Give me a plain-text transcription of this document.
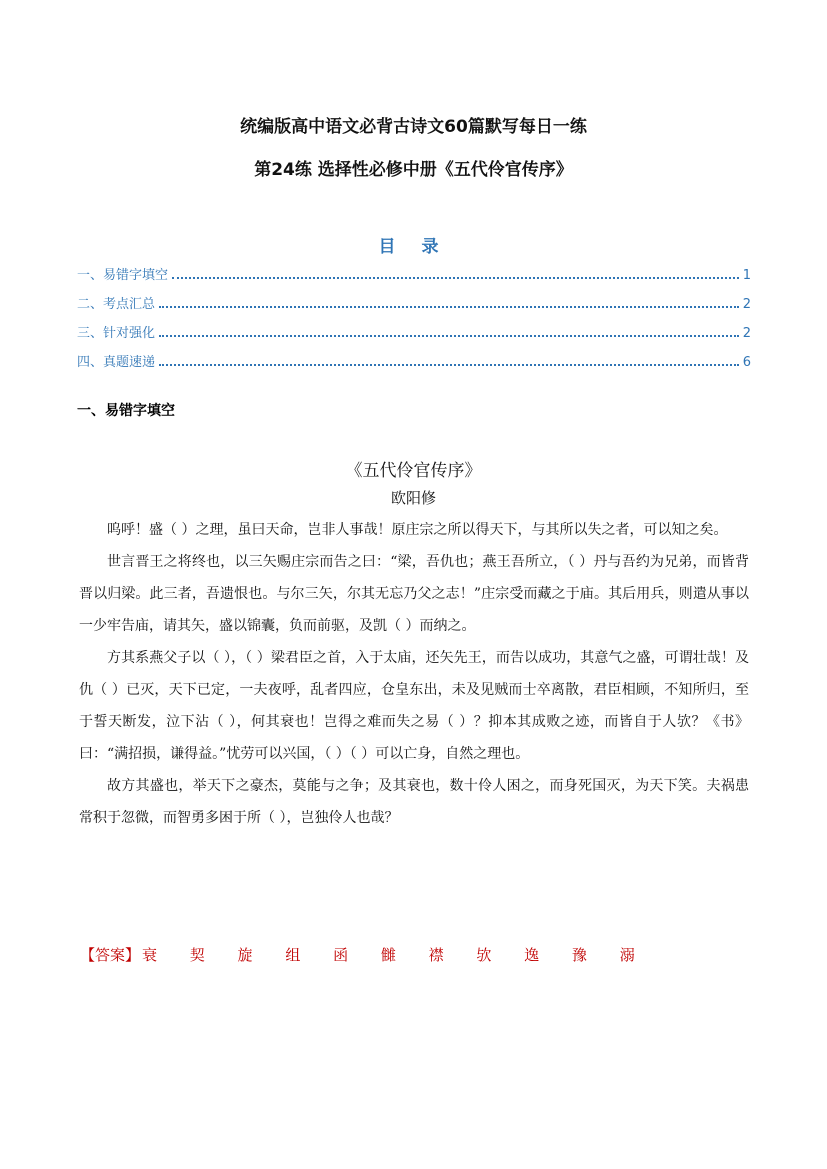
统编版高中语文必背古诗文60篇默写每日一练
第24练 选择性必修中册《五代伶官传序》
目 录
一、易错字填空	1
二、考点汇总	2
三、针对强化	2
四、真题速递	6
一、易错字填空
《五代伶官传序》
欧阳修

呜呼！盛（ ）之理，虽曰天命，岂非人事哉！原庄宗之所以得天下，与其所以失之者，可以知之矣。

世言晋王之将终也，以三矢赐庄宗而告之曰：“梁，吾仇也；燕王吾所立，（ ）丹与吾约为兄弟，而皆背晋以归梁。此三者，吾遗恨也。与尔三矢，尔其无忘乃父之志！”庄宗受而藏之于庙。其后用兵，则遣从事以一少牢告庙，请其矢，盛以锦囊，负而前驱，及凯（ ）而纳之。

方其系燕父子以（ ），（ ）梁君臣之首，入于太庙，还矢先王，而告以成功，其意气之盛，可谓壮哉！及仇（ ）已灭，天下已定，一夫夜呼，乱者四应，仓皇东出，未及见贼而士卒离散，君臣相顾，不知所归，至于誓天断发，泣下沾（ ），何其衰也！岂得之难而失之易（ ）？抑本其成败之迹，而皆自于人欤？《书》曰：“满招损，谦得益。”忧劳可以兴国，（ ）（ ）可以亡身，自然之理也。

故方其盛也，举天下之豪杰，莫能与之争；及其衰也，数十伶人困之，而身死国灭，为天下笑。夫祸患常积于忽微，而智勇多困于所（ ），岂独伶人也哉？

【答案】 衰 契 旋 组 函 雠 襟 欤 逸 豫 溺
